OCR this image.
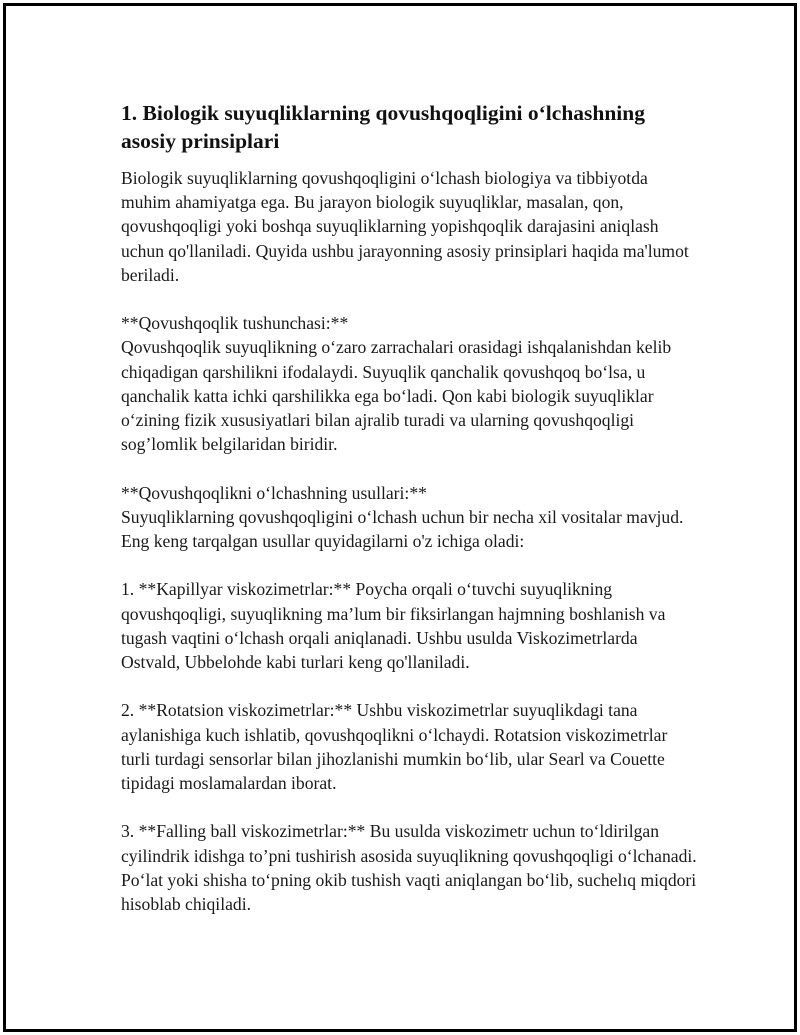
1. Biologik suyuqliklarning qovushqoqligini o‘lchashning asosiy prinsiplari
Biologik suyuqliklarning qovushqoqligini o‘lchash biologiya va tibbiyotda muhim ahamiyatga ega. Bu jarayon biologik suyuqliklar, masalan, qon, qovushqoqligi yoki boshqa suyuqliklarning yopishqoqlik darajasini aniqlash uchun qo'llaniladi. Quyida ushbu jarayonning asosiy prinsiplari haqida ma'lumot beriladi.
**Qovushqoqlik tushunchasi:**
Qovushqoqlik suyuqlikning o‘zaro zarrachalari orasidagi ishqalanishdan kelib chiqadigan qarshilikni ifodalaydi. Suyuqlik qanchalik qovushqoq bo‘lsa, u qanchalik katta ichki qarshilikka ega bo‘ladi. Qon kabi biologik suyuqliklar o‘zining fizik xususiyatlari bilan ajralib turadi va ularning qovushqoqligi sog’lomlik belgilaridan biridir.
**Qovushqoqlikni o‘lchashning usullari:**
Suyuqliklarning qovushqoqligini o‘lchash uchun bir necha xil vositalar mavjud. Eng keng tarqalgan usullar quyidagilarni o'z ichiga oladi:
1. **Kapillyar viskozimetrlar:** Poycha orqali o‘tuvchi suyuqlikning qovushqoqligi, suyuqlikning ma’lum bir fiksirlangan hajmning boshlanish va tugash vaqtini o‘lchash orqali aniqlanadi. Ushbu usulda Viskozimetrlarda Ostvald, Ubbelohde kabi turlari keng qo'llaniladi.
2. **Rotatsion viskozimetrlar:** Ushbu viskozimetrlar suyuqlikdagi tana aylanishiga kuch ishlatib, qovushqoqlikni o‘lchaydi. Rotatsion viskozimetrlar turli turdagi sensorlar bilan jihozlanishi mumkin bo‘lib, ular Searl va Couette tipidagi moslamalardan iborat.
3. **Falling ball viskozimetrlar:** Bu usulda viskozimetr uchun to‘ldirilgan cyilindrik idishga to’pni tushirish asosida suyuqlikning qovushqoqligi o‘lchanadi. Po‘lat yoki shisha to‘pning okib tushish vaqti aniqlangan bo‘lib, suchelıq miqdori hisoblab chiqiladi.
